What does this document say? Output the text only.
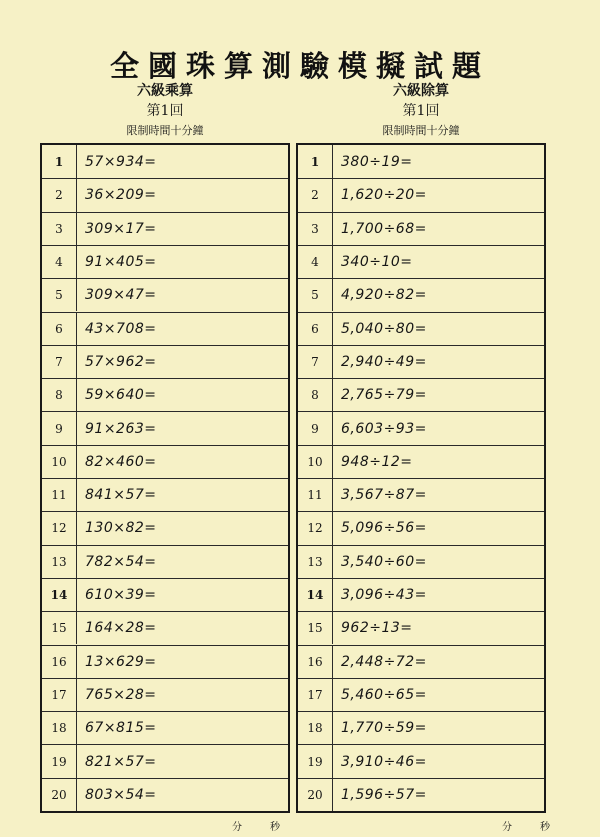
全國珠算測驗模擬試題
六級乘算
第1回
限制時間十分鐘
六級除算
第1回
限制時間十分鐘
1	57×934=
2	36×209=
3	309×17=
4	91×405=
5	309×47=
6	43×708=
7	57×962=
8	59×640=
9	91×263=
10	82×460=
11	841×57=
12	130×82=
13	782×54=
14	610×39=
15	164×28=
16	13×629=
17	765×28=
18	67×815=
19	821×57=
20	803×54=
1	380÷19=
2	1,620÷20=
3	1,700÷68=
4	340÷10=
5	4,920÷82=
6	5,040÷80=
7	2,940÷49=
8	2,765÷79=
9	6,603÷93=
10	948÷12=
11	3,567÷87=
12	5,096÷56=
13	3,540÷60=
14	3,096÷43=
15	962÷13=
16	2,448÷72=
17	5,460÷65=
18	1,770÷59=
19	3,910÷46=
20	1,596÷57=
分	秒	分	秒
